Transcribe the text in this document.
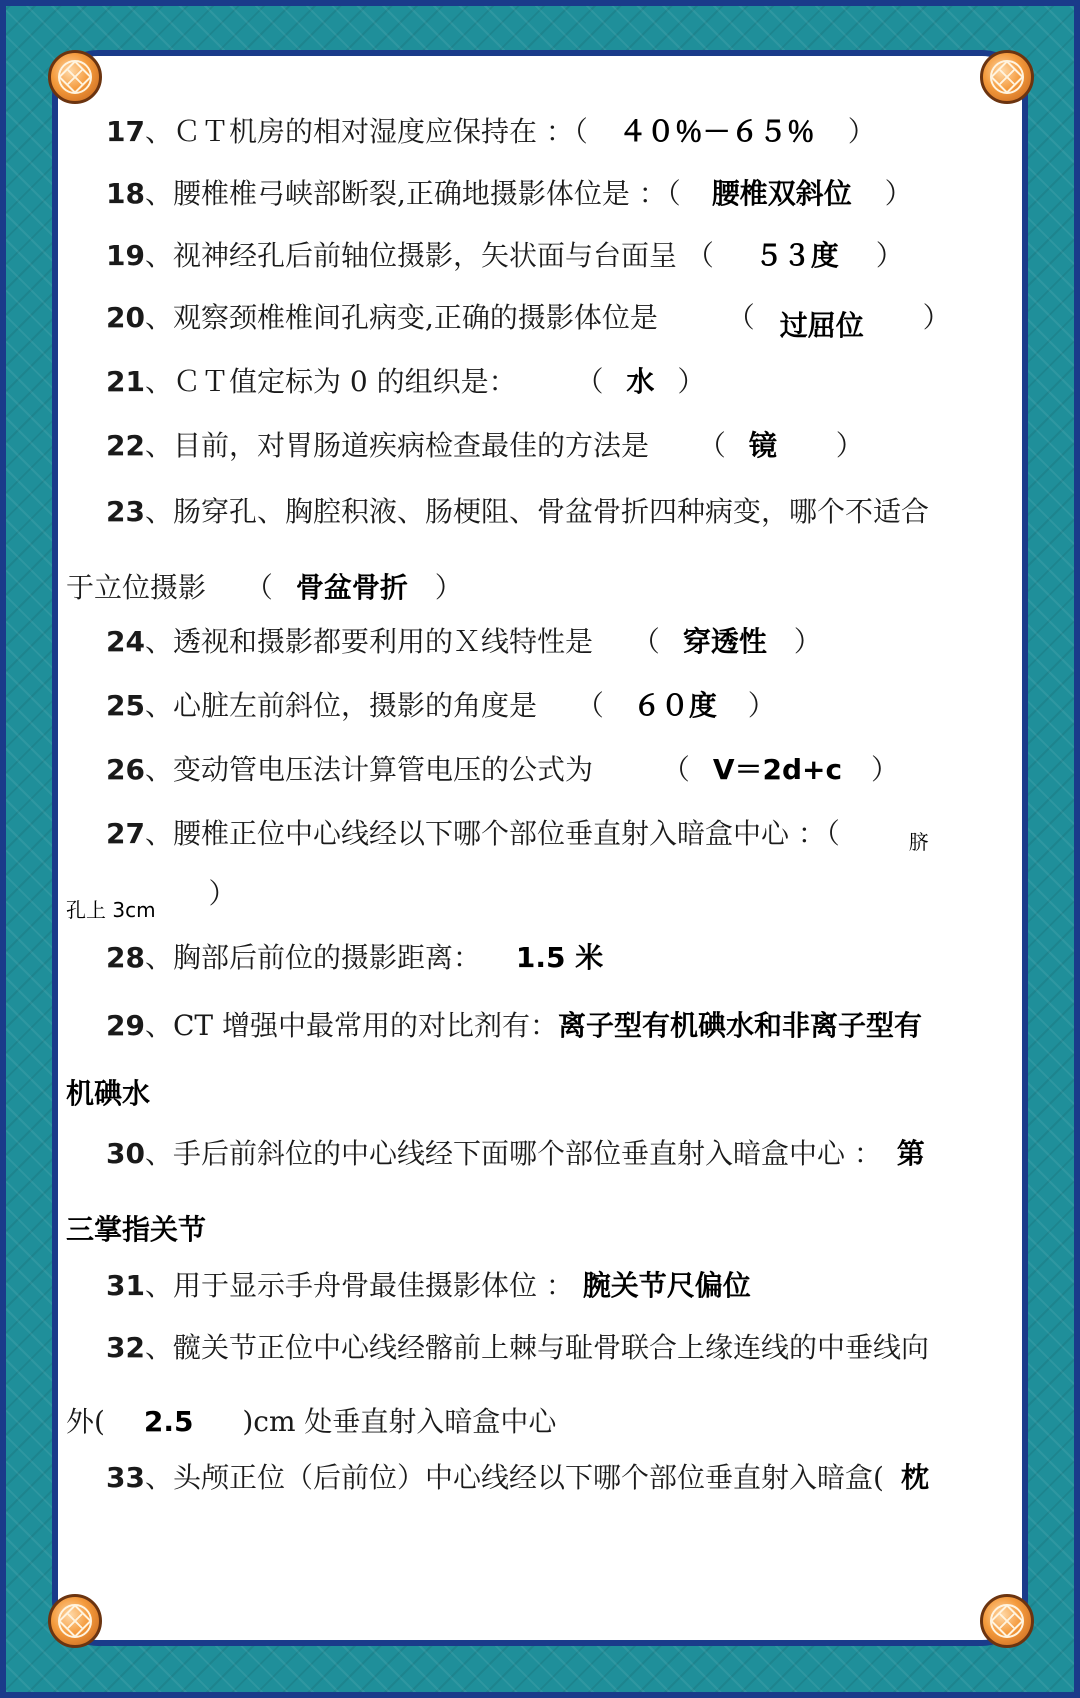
17、ＣＴ机房的相对湿度应保持在 ：（ ４０％－６５％ ）
18、腰椎椎弓峡部断裂,正确地摄影体位是 ：（ 腰椎双斜位 ）
19、视神经孔后前轴位摄影，矢状面与台面呈 （ ５３度 ）
20、观察颈椎椎间孔病变,正确的摄影体位是 （ 过屈位 ）
21、ＣＴ值定标为 0 的组织是： （ 水 ）
22、目前，对胃肠道疾病检查最佳的方法是 （ 镜 ）
23、肠穿孔、胸腔积液、肠梗阻、骨盆骨折四种病变，哪个不适合
于立位摄影 （ 骨盆骨折 ）
24、透视和摄影都要利用的Ｘ线特性是 （ 穿透性 ）
25、心脏左前斜位，摄影的角度是 （ ６０度 ）
26、变动管电压法计算管电压的公式为 （ V＝2d+c ）
27、腰椎正位中心线经以下哪个部位垂直射入暗盒中心 ：（	脐
孔上 3cm ）
28、胸部后前位的摄影距离： 1.5 米
29、CT 增强中最常用的对比剂有：离子型有机碘水和非离子型有
机碘水
30、手后前斜位的中心线经下面哪个部位垂直射入暗盒中心 ： 第
三掌指关节
31、用于显示手舟骨最佳摄影体位 ： 腕关节尺偏位
32、髋关节正位中心线经髂前上棘与耻骨联合上缘连线的中垂线向
外( 2.5 )cm 处垂直射入暗盒中心
33、头颅正位（后前位）中心线经以下哪个部位垂直射入暗盒( 枕
